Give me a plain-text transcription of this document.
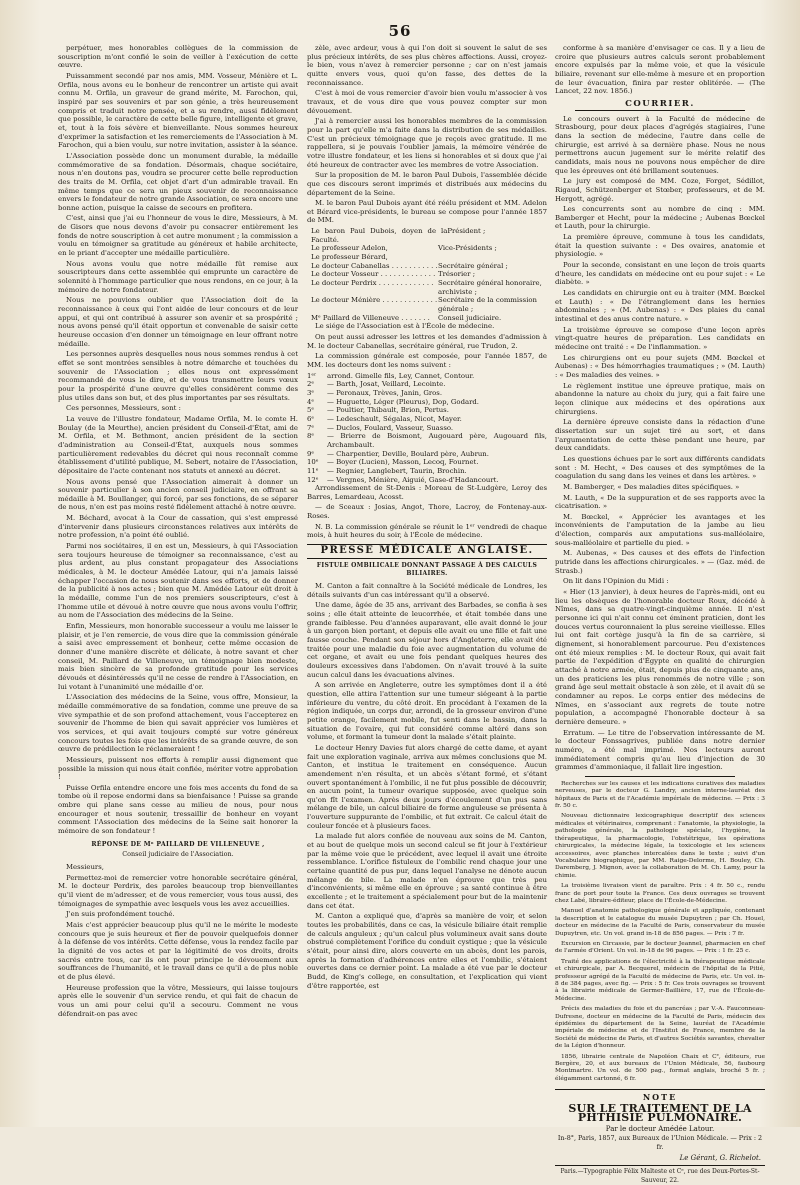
56

perpétuer, mes honorables collègues de la commission de souscription m'ont confié le soin de veiller à l'exécution de cette œuvre.

Puissamment secondé par nos amis, MM. Vosseur, Ménière et L. Orfila, nous avons eu le bonheur de rencontrer un artiste qui avait connu M. Orfila, un graveur de grand mérite, M. Farochon, qui, inspiré par ses souvenirs et par son génie, a très heureusement compris et traduit notre pensée, et a su rendre, aussi fidèlement que possible, le caractère de cette belle figure, intelligente et grave, et, tout à la fois sévère et bienveillante. Nous sommes heureux d'exprimer la satisfaction et les remerciements de l'Association à M. Farochon, qui a bien voulu, sur notre invitation, assister à la séance.

L'Association possède donc un monument durable, la médaille commémorative de sa fondation. Désormais, chaque sociétaire, nous n'en doutons pas, voudra se procurer cette belle reproduction des traits de M. Orfila, cet objet d'art d'un admirable travail. En même temps que ce sera un pieux souvenir de reconnaissance envers le fondateur de notre grande Association, ce sera encore une bonne action, puisque la caisse de secours en profitera.

C'est, ainsi que j'ai eu l'honneur de vous le dire, Messieurs, à M. de Gisors que nous devons d'avoir pu consacrer entièrement les fonds de notre souscription à cet autre monument ; la commission a voulu en témoigner sa gratitude au généreux et habile architecte, en le priant d'accepter une médaille particulière.

Nous avons voulu que notre médaille fût remise aux souscripteurs dans cette assemblée qui emprunte un caractère de solennité à l'hommage particulier que nous rendons, en ce jour, à la mémoire de notre fondateur.

Nous ne pouvions oublier que l'Association doit de la reconnaissance à ceux qui l'ont aidée de leur concours et de leur appui, et qui ont contribué à assurer son avenir et sa prospérité ; nous avons pensé qu'il était opportun et convenable de saisir cette heureuse occasion d'en donner un témoignage en leur offrant notre médaille.

Les personnes auprès desquelles nous nous sommes rendus à cet effet se sont montrées sensibles à notre démarche et touchées du souvenir de l'Association ; elles nous ont expressément recommandé de vous le dire, et de vous transmettre leurs vœux pour la prospérité d'une œuvre qu'elles considèrent comme des plus utiles dans son but, et des plus importantes par ses résultats.

Ces personnes, Messieurs, sont :

La veuve de l'illustre fondateur, Madame Orfila, M. le comte H. Boulay (de la Meurthe), ancien président du Conseil-d'État, ami de M. Orfila, et M. Bethmont, ancien président de la section d'administration au Conseil-d'État, auxquels nous sommes particulièrement redevables du décret qui nous reconnaît comme établissement d'utilité publique, M. Sebert, notaire de l'Association, dépositaire de l'acte contenant nos statuts et annexé au décret.

Nous avons pensé que l'Association aimerait à donner un souvenir particulier à son ancien conseil judiciaire, en offrant sa médaille à M. Boullanger, qui forcé, par ses fonctions, de se séparer de nous, n'en est pas moins resté fidèlement attaché à notre œuvre.

M. Béchard, avocat à la Cour de cassation, qui s'est empressé d'intervenir dans plusieurs circonstances relatives aux intérêts de notre profession, n'a point été oublié.

Parmi nos sociétaires, il en est un, Messieurs, à qui l'Association sera toujours heureuse de témoigner sa reconnaissance, c'est au plus ardent, au plus constant propagateur des Associations médicales, à M. le docteur Amédée Latour, qui n'a jamais laissé échapper l'occasion de nous soutenir dans ses efforts, et de donner de la publicité à nos actes ; bien que M. Amédée Latour eût droit à la médaille, comme l'un de nos premiers souscripteurs, c'est à l'homme utile et dévoué à notre œuvre que nous avons voulu l'offrir, au nom de l'Association des médecins de la Seine.

Enfin, Messieurs, mon honorable successeur a voulu me laisser le plaisir, et je l'en remercie, de vous dire que la commission générale a saisi avec empressement et bonheur, cette même occasion de donner d'une manière discrète et délicate, à notre savant et cher conseil, M. Paillard de Villeneuve, un témoignage bien modeste, mais bien sincère de sa profonde gratitude pour les services dévoués et désintéressés qu'il ne cesse de rendre à l'Association, en lui votant à l'unanimité une médaille d'or.

L'Association des médecins de la Seine, vous offre, Monsieur, la médaille commémorative de sa fondation, comme une preuve de sa vive sympathie et de son profond attachement, vous l'accepterez en souvenir de l'homme de bien qui savait apprécier vos lumières et vos services, et qui avait toujours compté sur votre généreux concours toutes les fois que les intérêts de sa grande œuvre, de son œuvre de prédilection le réclameraient !

Messieurs, puissent nos efforts à remplir aussi dignement que possible la mission qui nous était confiée, mériter votre approbation !

Puisse Orfila entendre encore une fois mes accents du fond de sa tombe où il repose endormi dans sa bienfaisance ! Puisse sa grande ombre qui plane sans cesse au milieu de nous, pour nous encourager et nous soutenir, tressaillir de bonheur en voyant comment l'Association des médecins de la Seine sait honorer la mémoire de son fondateur !

RÉPONSE DE Mᵉ PAILLARD DE VILLENEUVE ,
Conseil judiciaire de l'Association.

Messieurs,

Permettez-moi de remercier votre honorable secrétaire général, M. le docteur Perdrix, des paroles beaucoup trop bienveillantes qu'il vient de m'adresser, et de vous remercier, vous tous aussi, des témoignages de sympathie avec lesquels vous les avez accueillies.

J'en suis profondément touché.

Mais c'est apprécier beaucoup plus qu'il ne le mérite le modeste concours que je suis heureux et fier de pouvoir quelquefois donner à la défense de vos intérêts. Cette défense, vous la rendez facile par la dignité de vos actes et par la légitimité de vos droits, droits sacrés entre tous, car ils ont pour principe le dévouement aux souffrances de l'humanité, et le travail dans ce qu'il a de plus noble et de plus élevé.

Heureuse profession que la vôtre, Messieurs, qui laisse toujours après elle le souvenir d'un service rendu, et qui fait de chacun de vous un ami pour celui qu'il a secouru. Comment ne vous défendrait-on pas avec

zèle, avec ardeur, vous à qui l'on doit si souvent le salut de ses plus précieux intérêts, de ses plus chères affections. Aussi, croyez-le bien, vous n'avez à remercier personne ; car on n'est jamais quitte envers vous, quoi qu'on fasse, des dettes de la reconnaissance.

C'est à moi de vous remercier d'avoir bien voulu m'associer à vos travaux, et de vous dire que vous pouvez compter sur mon dévouement.

J'ai à remercier aussi les honorables membres de la commission pour la part qu'elle m'a faite dans la distribution de ses médailles. C'est un précieux témoignage que je reçois avec gratitude. Il me rappellera, si je pouvais l'oublier jamais, la mémoire vénérée de votre illustre fondateur, et les liens si honorables et si doux que j'ai été heureux de contracter avec les membres de votre Association.

Sur la proposition de M. le baron Paul Dubois, l'assemblée décide que ces discours seront imprimés et distribués aux médecins du département de la Seine.

M. le baron Paul Dubois ayant été réélu président et MM. Adelon et Bérard vice-présidents, le bureau se compose pour l'année 1857 de MM.

Le baron Paul Dubois, doyen de la Faculté.
Président ;
Le professeur Adelon,	Vice-Présidents ;
Le professeur Bérard,
Le docteur Cabanellas . . . . . . . . . . . Secrétaire général ;
Le docteur Vosseur . . . . . . . . . . . . . Trésorier ;
Le docteur Perdrix . . . . . . . . . . . . . Secrétaire général honoraire, archiviste ;
Le docteur Ménière . . . . . . . . . . . . . Secrétaire de la commission générale ;
Mᵉ Paillard de Villeneuve . . . . . . . Conseil judiciaire.

Le siége de l'Association est à l'École de médecine.

On peut aussi adresser les lettres et les demandes d'admission à M. le docteur Cabanellas, secrétaire général, rue Trudon, 2.

La commission générale est composée, pour l'année 1857, de MM. les docteurs dont les noms suivent :

1ᵉʳ	arrond. Gimelle fils, Ley, Cannet, Contour.
2ᵉ	— Barth, Josat, Veillard, Lecointe.
3ᵉ	— Peronaux, Trèves, Janin, Gros.
4ᵉ	— Huguette, Léger (Pleurus), Dop, Godard.
5ᵉ	— Poultier, Thibault, Brion, Pertus.
6ᵉ	— Ledeschault, Ségalas, Nicot, Mayer.
7ᵉ	— Duclos, Foulard, Vasseur, Suasso.
8ᵉ	— Brierre de Boismont, Augouard père, Augouard fils, Archambault.
9ᵉ	— Charpentier, Deville, Boulard père, Aubrun.
10ᵉ	— Boyer (Lucien), Masson, Lecoq, Fournet.
11ᵉ	— Regnier, Langlebert, Taurin, Brochin.
12ᵉ	— Vergnes, Ménière, Aiguié, Gase-d'Hadancourt.

Arrondissement de St-Denis : Moreau de St-Ludgère, Leroy des Barres, Lemardeau, Acosst.

— de Sceaux : Josias, Angot, Thore, Lacroy, de Fontenay-aux-Roses.

N. B. La commission générale se réunit le 1ᵉʳ vendredi de chaque mois, à huit heures du soir, à l'École de médecine.

PRESSE MÉDICALE ANGLAISE.
FISTULE OMBILICALE DONNANT PASSAGE À DES CALCULS BILIAIRES.

M. Canton a fait connaître à la Société médicale de Londres, les détails suivants d'un cas intéressant qu'il a observé.

Une dame, âgée de 35 ans, arrivant des Barbades, se confia à ses soins ; elle était atteinte de leucorrhée, et était tombée dans une grande faiblesse. Peu d'années auparavant, elle avait donné le jour à un garçon bien portant, et depuis elle avait eu une fille et fait une fausse couche. Pendant son séjour hors d'Angleterre, elle avait été traitée pour une maladie du foie avec augmentation du volume de cet organe, et avait eu une fois pendant quelques heures des douleurs excessives dans l'abdomen. On n'avait trouvé à la suite aucun calcul dans les évacuations alvines.

A son arrivée en Angleterre, outre les symptômes dont il a été question, elle attira l'attention sur une tumeur siégeant à la partie inférieure du ventre, du côté droit. En procédant à l'examen de la région indiquée, un corps dur, arrondi, de la grosseur environ d'une petite orange, facilement mobile, fut senti dans le bassin, dans la situation de l'ovaire, qui fut considéré comme altéré dans son volume, et formant la tumeur dont la malade s'était plainte.

Le docteur Henry Davies fut alors chargé de cette dame, et ayant fait une exploration vaginale, arriva aux mêmes conclusions que M. Canton, et institua le traitement en conséquence. Aucun amendement n'en résulta, et un abcès s'étant formé, et s'étant ouvert spontanément à l'ombilic, il ne fut plus possible de découvrir, en aucun point, la tumeur ovarique supposée, avec quelque soin qu'on fît l'examen. Après deux jours d'écoulement d'un pus sans mélange de bile, un calcul biliaire de forme anguleuse se présenta à l'ouverture suppurante de l'ombilic, et fut extrait. Ce calcul était de couleur foncée et à plusieurs faces.

La malade fut alors confiée de nouveau aux soins de M. Canton, et au bout de quelque mois un second calcul se fit jour à l'extérieur par la même voie que le précédent, avec lequel il avait une étroite ressemblance. L'orifice fistuleux de l'ombilic rend chaque jour une certaine quantité de pus pur, dans lequel l'analyse ne dénote aucun mélange de bile. La malade n'en éprouve que très peu d'inconvénients, si même elle en éprouve ; sa santé continue à être excellente ; et le traitement a spécialement pour but de la maintenir dans cet état.

M. Canton a expliqué que, d'après sa manière de voir, et selon toutes les probabilités, dans ce cas, la vésicule biliaire était remplie de calculs anguleux ; qu'un calcul plus volumineux avait sans doute obstrué complètement l'orifice du conduit cystique ; que la vésicule s'était, pour ainsi dire, alors couverte en un abcès, dont les parois, après la formation d'adhérences entre elles et l'ombilic, s'étaient ouvertes dans ce dernier point. La malade a été vue par le docteur Budd, de King's college, en consultation, et l'explication qui vient d'être rapportée, est

conforme à sa manière d'envisager ce cas. Il y a lieu de croire que plusieurs autres calculs seront probablement encore expulsés par la même voie, et que la vésicule biliaire, revenant sur elle-même à mesure et en proportion de leur évacuation, finira par rester oblitérée. — (The Lancet, 22 nov. 1856.)

COURRIER.

Le concours ouvert à la Faculté de médecine de Strasbourg, pour deux places d'agrégés stagiaires, l'une dans la section de médecine, l'autre dans celle de chirurgie, est arrivé à sa dernière phase. Nous ne nous permettrons aucun jugement sur le mérite relatif des candidats, mais nous ne pouvons nous empêcher de dire que les épreuves ont été brillament soutenues.

Le jury est composé de MM. Coze, Forget, Sédillot, Rigaud, Schützenberger et Stœber, professeurs, et de M. Hergott, agrégé.

Les concurrents sont au nombre de cinq : MM. Bamberger et Hecht, pour la médecine ; Aubenas Bœckel et Lauth, pour la chirurgie.

La première épreuve, commune à tous les candidats, était la question suivante : « Des ovaires, anatomie et physiologie. »

Pour la seconde, consistant en une leçon de trois quarts d'heure, les candidats en médecine ont eu pour sujet : « Le diabète. »

Les candidats en chirurgie ont eu à traiter (MM. Bœckel et Lauth) : « De l'étranglement dans les hernies abdominales ; » (M. Aubenas) : « Des plaies du canal intestinal et des anus contre nature. »

La troisième épreuve se compose d'une leçon après vingt-quatre heures de préparation. Les candidats en médecine ont traité : « De l'inflammation. »

Les chirurgiens ont eu pour sujets (MM. Bœckel et Aubenas) : « Des hémorrhagies traumatiques ; » (M. Lauth) : « Des maladies des veines. »

Le règlement institue une épreuve pratique, mais on abandonne la nature au choix du jury, qui a fait faire une leçon clinique aux médecins et des opérations aux chirurgiens.

La dernière épreuve consiste dans la rédaction d'une dissertation sur un sujet tiré au sort, et dans l'argumentation de cette thèse pendant une heure, par deux candidats.

Les questions échues par le sort aux différents candidats sont : M. Hecht, « Des causes et des symptômes de la coagulation du sang dans les veines et dans les artères. »

M. Bamberger, « Des maladies dites spécifiques. »

M. Lauth, « De la suppuration et de ses rapports avec la cicatrisation. »

M. Bœckel, « Apprécier les avantages et les inconvénients de l'amputation de la jambe au lieu d'élection, comparés aux amputations sus-malléolaire, sous-malléolaire et partielle du pied. »

M. Aubenas, « Des causes et des effets de l'infection putride dans les affections chirurgicales. » — (Gaz. méd. de Strasb.)

On lit dans l'Opinion du Midi :

« Hier (13 janvier), à deux heures de l'après-midi, ont eu lieu les obsèques de l'honorable docteur Roux, décédé à Nîmes, dans sa quatre-vingt-cinquième année. Il n'est personne ici qui n'ait connu cet éminent praticien, dont les douces vertus couronnaient la plus sereine vieillesse. Elles lui ont fait cortège jusqu'à la fin de sa carrière, si dignement, si honorablement parcourue. Peu d'existences ont été mieux remplies : M. le docteur Roux, qui avait fait partie de l'expédition d'Égypte en qualité de chirurgien attaché à notre armée, était, depuis plus de cinquante ans, un des praticiens les plus renommés de notre ville ; son grand âge seul mettait obstacle à son zèle, et il avait dû se condamner au repos. Le corps entier des médecins de Nîmes, en s'associant aux regrets de toute notre population, a accompagné l'honorable docteur à sa dernière demeure. »

Erratum. — Le titre de l'observation intéressante de M. le docteur Fonssagrives, publiée dans notre dernier numéro, a été mal imprimé. Nos lecteurs auront immédiatement compris qu'au lieu d'injection de 30 grammes d'ammoniaque, il fallait lire ingestion.

Recherches sur les causes et les indications curatives des maladies nerveuses, par le docteur G. Landry, ancien interne-lauréat des hôpitaux de Paris et de l'Académie impériale de médecine. — Prix : 3 fr. 50 c.

Nouveau dictionnaire lexicographique descriptif des sciences médicales et vétérinaires, comprenant : l'anatomie, la physiologie, la pathologie générale, la pathologie spéciale, l'hygiène, la thérapeutique, la pharmacologie, l'obstétrique, les opérations chirurgicales, la médecine légale, la toxicologie et les sciences accessoires, avec planches intercalées dans le texte ; suivi d'un Vocabulaire biographique, par MM. Raige-Delorme, H. Bouley, Ch. Daremberg, J. Mignon, avec la collaboration de M. Ch. Lamy, pour la chimie.

La troisième livraison vient de paraître. Prix : 4 fr. 50 c., rendu franc de port pour toute la France. Ces deux ouvrages se trouvent chez Labé, libraire-éditeur, place de l'École-de-Médecine.

Manuel d'anatomie pathologique générale et appliquée, contenant la description et le catalogue du musée Dupuytren ; par Ch. Houel, docteur en médecine de la Faculté de Paris, conservateur du musée Dupuytren, etc. Un vol. grand in-18 de 856 pages. — Prix : 7 fr.

Excursion en Circassie, par le docteur Jeannel, pharmacien en chef de l'armée d'Orient. Un vol. in-18 de 96 pages. — Prix : 1 fr. 25 c.

Traité des applications de l'électricité à la thérapeutique médicale et chirurgicale, par A. Becquerel, médecin de l'hôpital de la Pitié, professeur agrégé de la Faculté de médecine de Paris, etc. Un vol. in-8 de 384 pages, avec fig. — Prix : 5 fr. Ces trois ouvrages se trouvent à la librairie médicale de Germer-Baillière, 17, rue de l'École-de-Médecine.

Précis des maladies du foie et du pancréas ; par V.-A. Fauconneau-Dufresne, docteur en médecine de la Faculté de Paris, médecin des épidémies du département de la Seine, lauréat de l'Académie impériale de médecine et de l'Institut de France, membre de la Société de médecine de Paris, et d'autres Sociétés savantes, chevalier de la Légion d'honneur.

1856, librairie centrale de Napoléon Chaix et Cᵉ, éditeurs, rue Bergère, 20, et aux bureaux de l'Union Médicale, 56, faubourg Montmartre. Un vol. de 500 pag., format anglais, broché 5 fr. ; élégamment cartonné, 6 fr.

NOTE
SUR LE TRAITEMENT DE LA PHTHISIE PULMONAIRE.
Par le docteur Amédée Latour.
In-8°, Paris, 1857, aux Bureaux de l'Union Médicale. — Prix : 2 fr.
Le Gérant, G. Richelot.
Paris.—Typographie Félix Malteste et Cᵉ, rue des Deux-Portes-St-Sauveur, 22.
